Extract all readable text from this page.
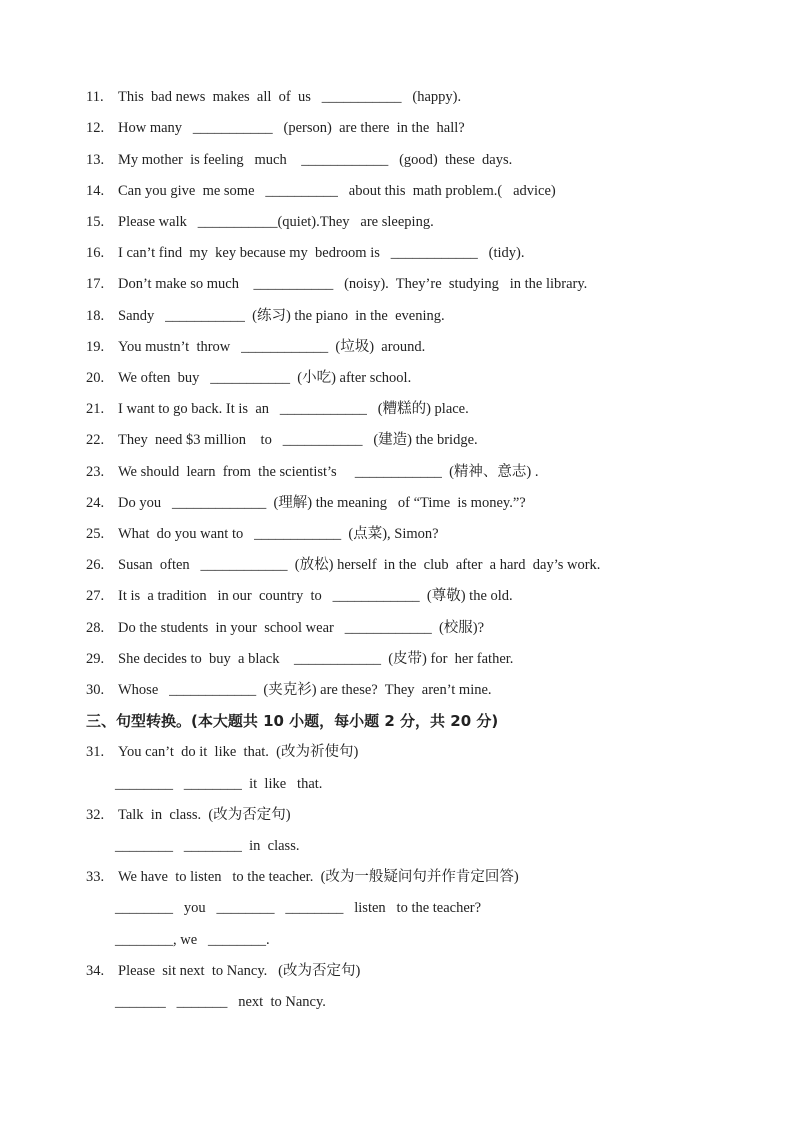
11. This  bad news  makes  all  of  us   ___________   (happy).
12. How many   ___________   (person)  are there  in the  hall?
13. My mother  is feeling   much    ____________   (good)  these  days.
14. Can you give  me some   __________   about this  math problem.(   advice)
15. Please walk   ___________(quiet).They   are sleeping.
16. I can’t find  my  key because my  bedroom is   ____________   (tidy).
17. Don’t make so much    ___________   (noisy).  They’re  studying   in the library.
18. Sandy   ___________  (练习) the piano  in the  evening.
19. You mustn’t  throw   ____________  (垃圾)  around.
20. We often  buy   ___________  (小吃) after school.
21. I want to go back. It is  an   ____________   (糟糕的) place.
22. They  need $3 million    to   ___________   (建造) the bridge.
23. We should  learn  from  the scientist’s     ____________  (精神、意志) .
24. Do you   _____________  (理解) the meaning   of “Time  is money.”?
25. What  do you want to   ____________  (点菜), Simon?
26. Susan  often   ____________  (放松) herself  in the  club  after  a hard  day’s work.
27. It is  a tradition   in our  country  to   ____________  (尊敬) the old.
28. Do the students  in your  school wear   ____________  (校服)?
29. She decides to  buy  a black    ____________  (皮带) for  her father.
30. Whose   ____________  (夹克衫) are these?  They  aren’t mine.
三、句型转换。(本大题共 10 小题，每小题 2 分，共 20 分)
31. You can’t  do it  like  that.  (改为祈使句)
________   ________  it  like   that.
32. Talk  in  class.  (改为否定句)
________   ________  in  class.
33. We have  to listen   to the teacher.  (改为一般疑问句并作肯定回答)
________   you   ________   ________   listen   to the teacher?
________, we   ________.
34. Please  sit next  to Nancy.   (改为否定句)
_______   _______   next  to Nancy.
